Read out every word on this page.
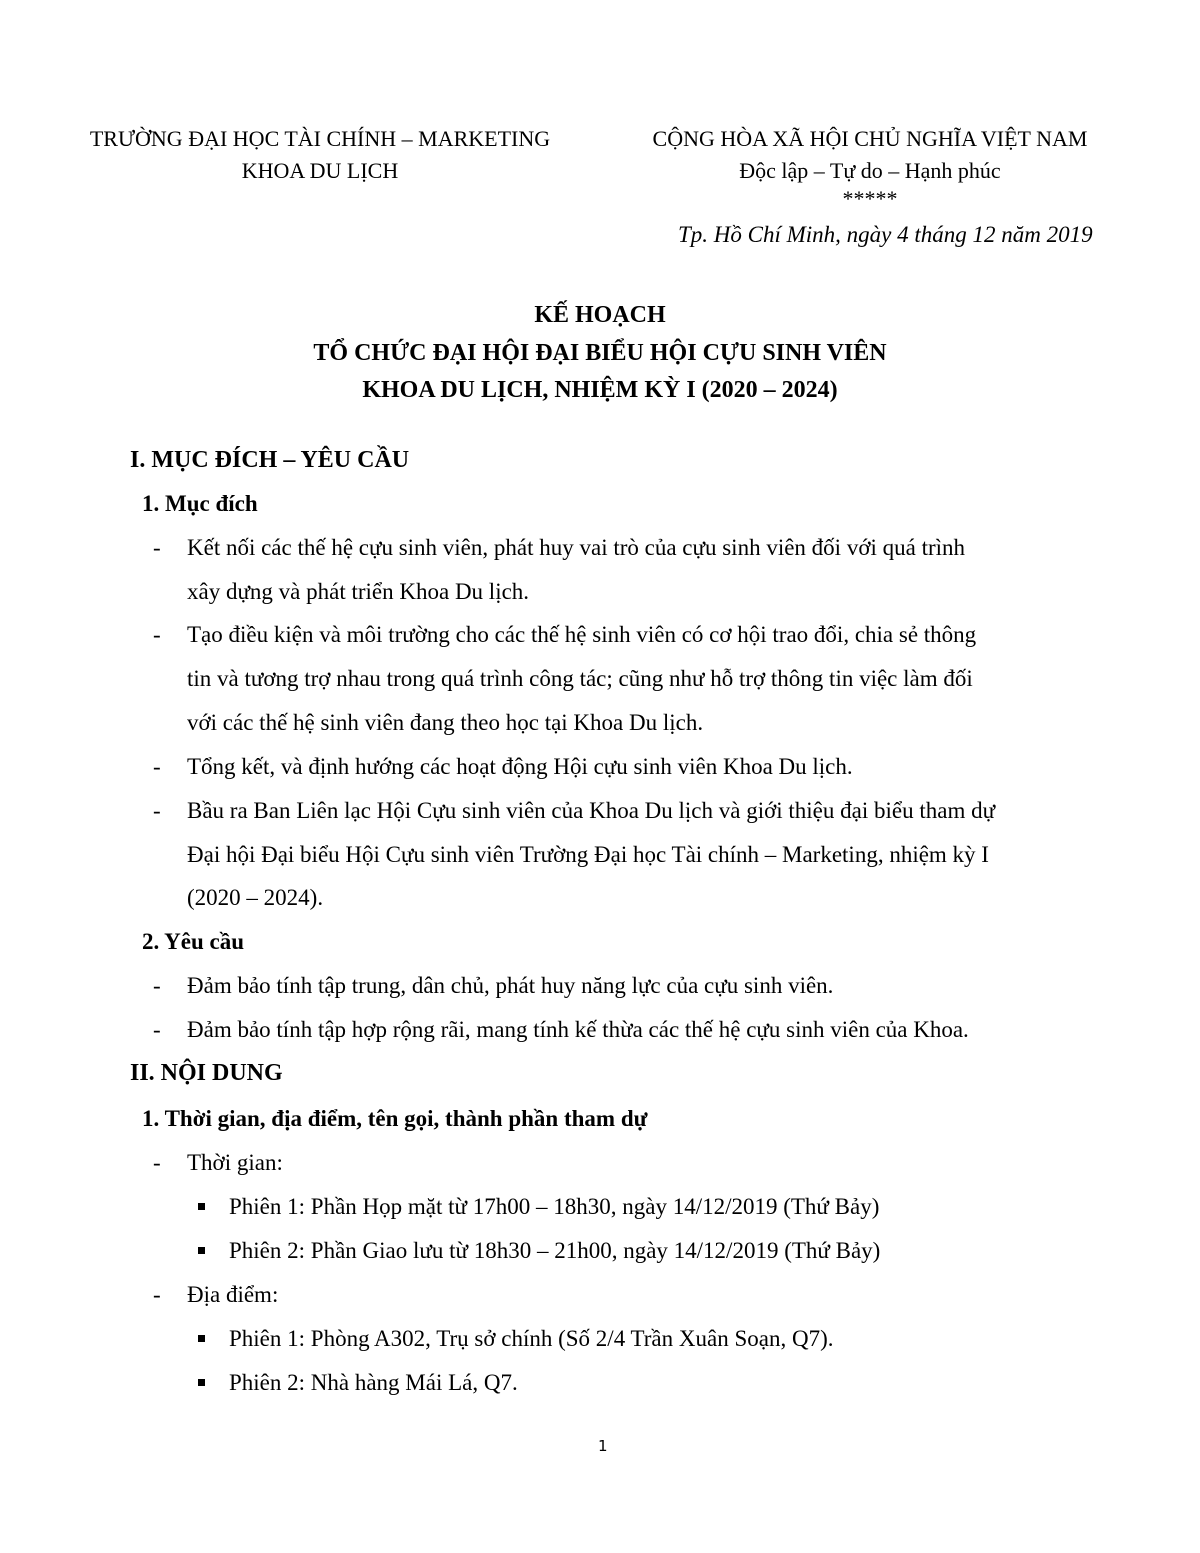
TRƯỜNG ĐẠI HỌC TÀI CHÍNH – MARKETING
KHOA DU LỊCH
CỘNG HÒA XÃ HỘI CHỦ NGHĨA VIỆT NAM
Độc lập – Tự do – Hạnh phúc
*****
Tp. Hồ Chí Minh, ngày 4 tháng 12 năm 2019
KẾ HOẠCH
TỔ CHỨC ĐẠI HỘI ĐẠI BIỂU HỘI CỰU SINH VIÊN
KHOA DU LỊCH, NHIỆM KỲ I (2020 – 2024)
I. MỤC ĐÍCH – YÊU CẦU
1. Mục đích
- Kết nối các thế hệ cựu sinh viên, phát huy vai trò của cựu sinh viên đối với quá trình
xây dựng và phát triển Khoa Du lịch.
- Tạo điều kiện và môi trường cho các thế hệ sinh viên có cơ hội trao đổi, chia sẻ thông
tin và tương trợ nhau trong quá trình công tác; cũng như hỗ trợ thông tin việc làm đối
với các thế hệ sinh viên đang theo học tại Khoa Du lịch.
- Tổng kết, và định hướng các hoạt động Hội cựu sinh viên Khoa Du lịch.
- Bầu ra Ban Liên lạc Hội Cựu sinh viên của Khoa Du lịch và giới thiệu đại biểu tham dự
Đại hội Đại biểu Hội Cựu sinh viên Trường Đại học Tài chính – Marketing, nhiệm kỳ I
(2020 – 2024).
2. Yêu cầu
- Đảm bảo tính tập trung, dân chủ, phát huy năng lực của cựu sinh viên.
- Đảm bảo tính tập hợp rộng rãi, mang tính kế thừa các thế hệ cựu sinh viên của Khoa.
II. NỘI DUNG
1. Thời gian, địa điểm, tên gọi, thành phần tham dự
- Thời gian:
Phiên 1: Phần Họp mặt từ 17h00 – 18h30, ngày 14/12/2019 (Thứ Bảy)
Phiên 2: Phần Giao lưu từ 18h30 – 21h00, ngày 14/12/2019 (Thứ Bảy)
- Địa điểm:
Phiên 1: Phòng A302, Trụ sở chính (Số 2/4 Trần Xuân Soạn, Q7).
Phiên 2: Nhà hàng Mái Lá, Q7.
1
